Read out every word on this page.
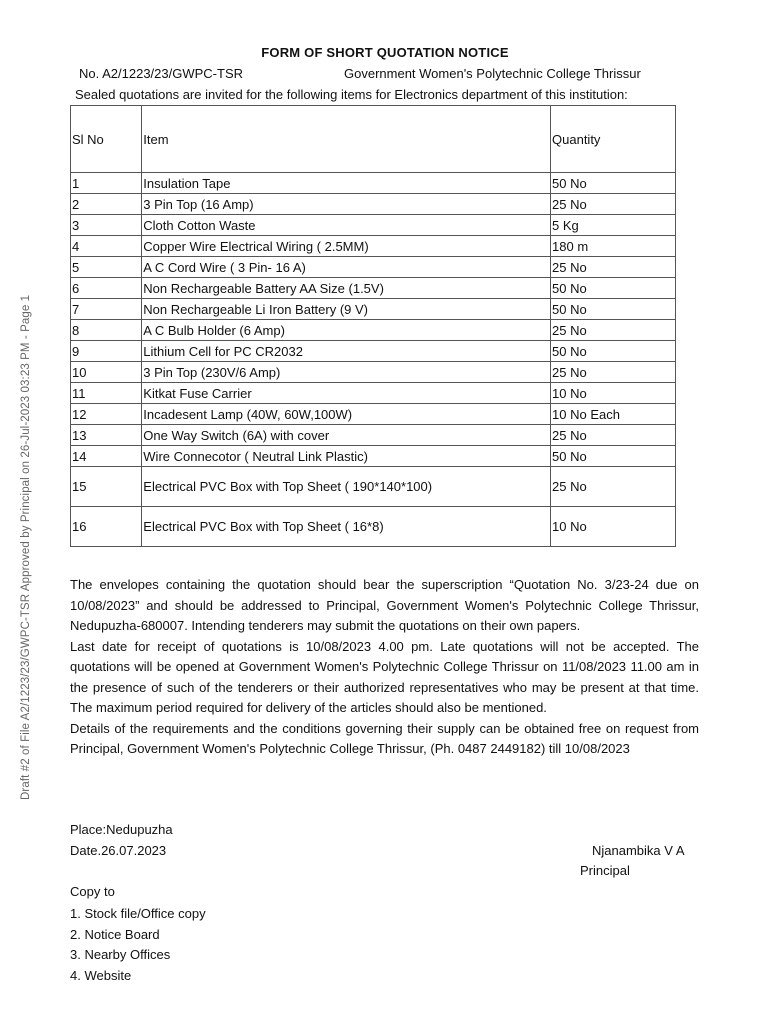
Draft #2 of File A2/1223/23/GWPC-TSR Approved by Principal on 26-Jul-2023 03:23 PM - Page 1
FORM OF SHORT QUOTATION NOTICE
No. A2/1223/23/GWPC-TSR	Government Women's Polytechnic College Thrissur
Sealed quotations are invited for the following items for Electronics department of this institution:
Sl No	Item	Quantity
1	Insulation Tape	50 No
2	3 Pin Top (16 Amp)	25 No
3	Cloth Cotton Waste	5 Kg
4	Copper Wire Electrical Wiring ( 2.5MM)	180 m
5	A C Cord Wire ( 3 Pin- 16 A)	25 No
6	Non Rechargeable Battery AA Size (1.5V)	50 No
7	Non Rechargeable Li Iron Battery (9 V)	50 No
8	A C Bulb Holder (6 Amp)	25 No
9	Lithium Cell for PC CR2032	50 No
10	3 Pin Top (230V/6 Amp)	25 No
11	Kitkat Fuse Carrier	10 No
12	Incadesent Lamp (40W, 60W,100W)	10 No Each
13	One Way Switch (6A) with cover	25 No
14	Wire Connecotor ( Neutral Link Plastic)	50 No
15	Electrical PVC Box with Top Sheet ( 190*140*100)	25 No
16	Electrical PVC Box with Top Sheet ( 16*8)	10 No

The envelopes containing the quotation should bear the superscription “Quotation No. 3/23-24 due on 10/08/2023” and should be addressed to Principal, Government Women's Polytechnic College Thrissur, Nedupuzha-680007. Intending tenderers may submit the quotations on their own papers.

Last date for receipt of quotations is 10/08/2023 4.00 pm. Late quotations will not be accepted. The quotations will be opened at Government Women's Polytechnic College Thrissur on 11/08/2023 11.00 am in the presence of such of the tenderers or their authorized representatives who may be present at that time. The maximum period required for delivery of the articles should also be mentioned.

Details of the requirements and the conditions governing their supply can be obtained free on request from Principal, Government Women's Polytechnic College Thrissur, (Ph. 0487 2449182) till 10/08/2023

Place:Nedupuzha
Date.26.07.2023	Njanambika V A
Principal
Copy to
1. Stock file/Office copy
2. Notice Board
3. Nearby Offices
4. Website
